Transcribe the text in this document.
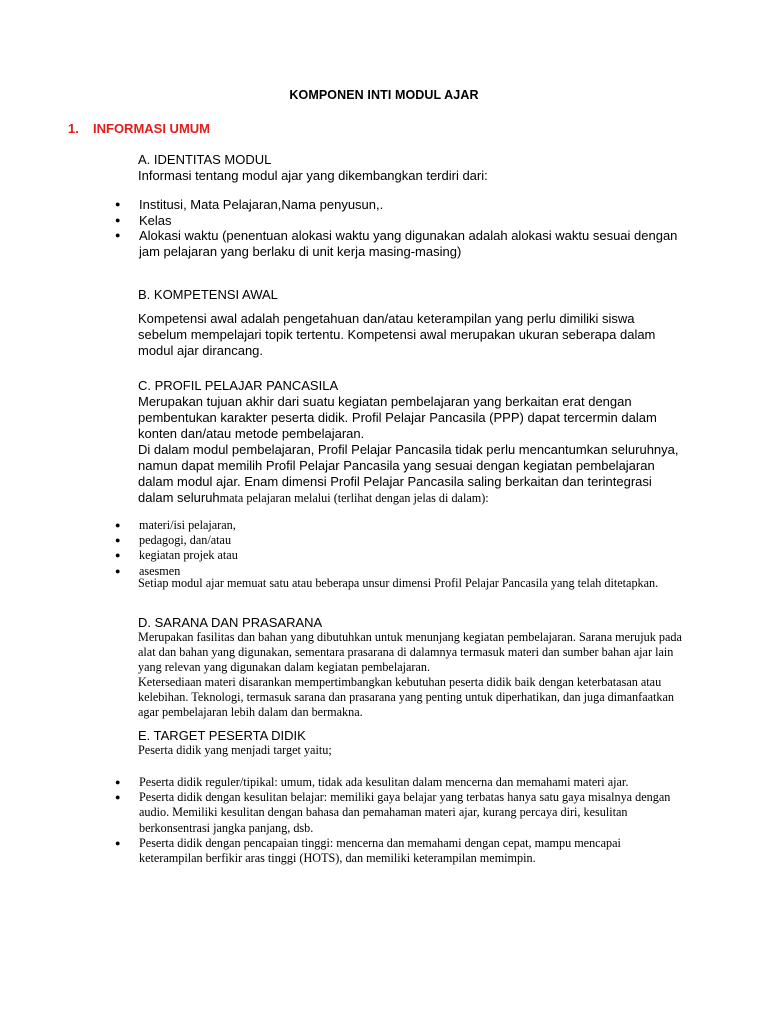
KOMPONEN INTI MODUL AJAR
1. INFORMASI UMUM

A. IDENTITAS MODUL

Informasi tentang modul ajar yang dikembangkan terdiri dari:

● Institusi, Mata Pelajaran,Nama penyusun,.
● Kelas
● Alokasi waktu (penentuan alokasi waktu yang digunakan adalah alokasi waktu sesuai dengan jam pelajaran yang berlaku di unit kerja masing-masing)

B. KOMPETENSI AWAL

Kompetensi awal adalah pengetahuan dan/atau keterampilan yang perlu dimiliki siswa sebelum mempelajari topik tertentu. Kompetensi awal merupakan ukuran seberapa dalam modul ajar dirancang.

C. PROFIL PELAJAR PANCASILA

Merupakan tujuan akhir dari suatu kegiatan pembelajaran yang berkaitan erat dengan pembentukan karakter peserta didik. Profil Pelajar Pancasila (PPP) dapat tercermin dalam konten dan/atau metode pembelajaran.

Di dalam modul pembelajaran, Profil Pelajar Pancasila tidak perlu mencantumkan seluruhnya, namun dapat memilih Profil Pelajar Pancasila yang sesuai dengan kegiatan pembelajaran dalam modul ajar. Enam dimensi Profil Pelajar Pancasila saling berkaitan dan terintegrasi dalam seluruhmata pelajaran melalui (terlihat dengan jelas di dalam):

● materi/isi pelajaran,
● pedagogi, dan/atau
● kegiatan projek atau
● asesmen
Setiap modul ajar memuat satu atau beberapa unsur dimensi Profil Pelajar Pancasila yang telah ditetapkan.

D. SARANA DAN PRASARANA

Merupakan fasilitas dan bahan yang dibutuhkan untuk menunjang kegiatan pembelajaran. Sarana merujuk pada alat dan bahan yang digunakan, sementara prasarana di dalamnya termasuk materi dan sumber bahan ajar lain yang relevan yang digunakan dalam kegiatan pembelajaran.

Ketersediaan materi disarankan mempertimbangkan kebutuhan peserta didik baik dengan keterbatasan atau kelebihan. Teknologi, termasuk sarana dan prasarana yang penting untuk diperhatikan, dan juga dimanfaatkan agar pembelajaran lebih dalam dan bermakna.

E. TARGET PESERTA DIDIK

Peserta didik yang menjadi target yaitu;

● Peserta didik reguler/tipikal: umum, tidak ada kesulitan dalam mencerna dan memahami materi ajar.
● Peserta didik dengan kesulitan belajar: memiliki gaya belajar yang terbatas hanya satu gaya misalnya dengan audio. Memiliki kesulitan dengan bahasa dan pemahaman materi ajar, kurang percaya diri, kesulitan berkonsentrasi jangka panjang, dsb.
● Peserta didik dengan pencapaian tinggi: mencerna dan memahami dengan cepat, mampu mencapai keterampilan berfikir aras tinggi (HOTS), dan memiliki keterampilan memimpin.
